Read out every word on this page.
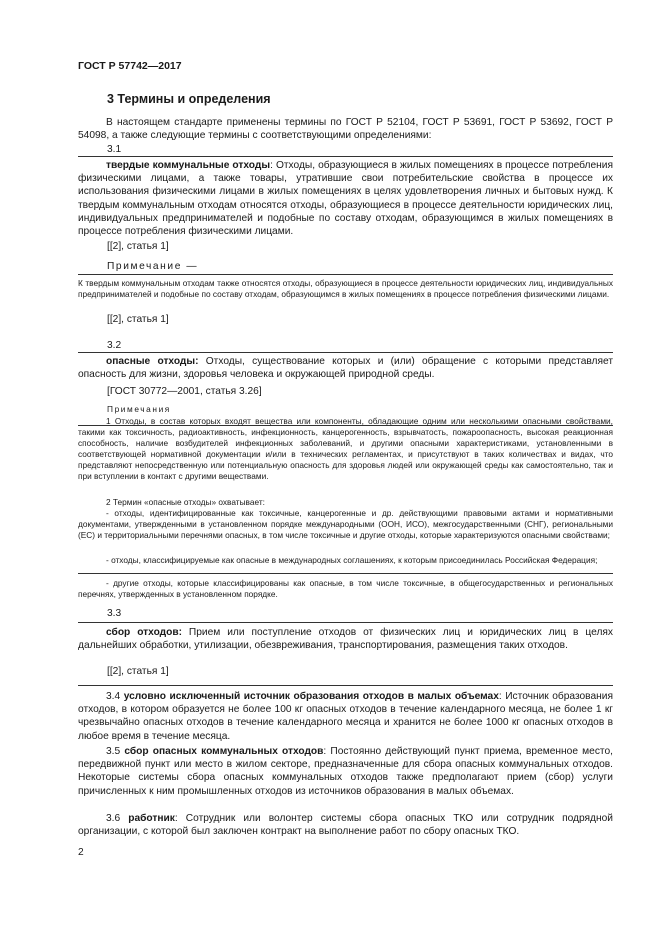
ГОСТ Р 57742—2017
3 Термины и определения
В настоящем стандарте применены термины по ГОСТ Р 52104, ГОСТ Р 53691, ГОСТ Р 53692, ГОСТ Р 54098, а также следующие термины с соответствующими определениями:
3.1
твердые коммунальные отходы: Отходы, образующиеся в жилых помещениях в процессе потребления физическими лицами, а также товары, утратившие свои потребительские свойства в процессе их использования физическими лицами в жилых помещениях в целях удовлетворения личных и бытовых нужд. К твердым коммунальным отходам относятся отходы, образующиеся в процессе деятельности юридических лиц, индивидуальных предпринимателей и подобные по составу отходам, образующимся в жилых помещениях в процессе потребления физическими лицами.
[[2], статья 1]
Примечание —
К твердым коммунальным отходам также относятся отходы, образующиеся в процессе деятельности юридических лиц, индивидуальных предпринимателей и подобные по составу отходам, образующимся в жилых помещениях в процессе потребления физическими лицами.
[[2], статья 1]
3.2
опасные отходы: Отходы, существование которых и (или) обращение с которыми представляет опасность для жизни, здоровья человека и окружающей природной среды.
[ГОСТ 30772—2001, статья 3.26]
Примечания
1 Отходы, в состав которых входят вещества или компоненты, обладающие одним или несколькими опасными свойствами, такими как токсичность, радиоактивность, инфекционность, канцерогенность, взрывчатость, пожароопасность, высокая реакционная способность, наличие возбудителей инфекционных заболеваний, и другими опасными характеристиками, установленными в соответствующей нормативной документации и/или в технических регламентах, и присутствуют в таких количествах и видах, что представляют непосредственную или потенциальную опасность для здоровья людей или окружающей среды как самостоятельно, так и при вступлении в контакт с другими веществами.
2 Термин «опасные отходы» охватывает:
- отходы, идентифицированные как токсичные, канцерогенные и др. действующими правовыми актами и нормативными документами, утвержденными в установленном порядке международными (ООН, ИСО), межгосударственными (СНГ), региональными (ЕС) и территориальными перечнями опасных, в том числе токсичные и другие отходы, которые характеризуются опасными свойствами;
- отходы, классифицируемые как опасные в международных соглашениях, к которым присоединилась Российская Федерация;
- другие отходы, которые классифицированы как опасные, в том числе токсичные, в общегосударственных и региональных перечнях, утвержденных в установленном порядке.
3.3
сбор отходов: Прием или поступление отходов от физических лиц и юридических лиц в целях дальнейших обработки, утилизации, обезвреживания, транспортирования, размещения таких отходов.
[[2], статья 1]
3.4 условно исключенный источник образования отходов в малых объемах: Источник образования отходов, в котором образуется не более 100 кг опасных отходов в течение календарного месяца, не более 1 кг чрезвычайно опасных отходов в течение календарного месяца и хранится не более 1000 кг опасных отходов в любое время в течение месяца.
3.5 сбор опасных коммунальных отходов: Постоянно действующий пункт приема, временное место, передвижной пункт или место в жилом секторе, предназначенные для сбора опасных коммунальных отходов. Некоторые системы сбора опасных коммунальных отходов также предполагают прием (сбор) услуги причисленных к ним промышленных отходов из источников образования в малых объемах.
3.6 работник: Сотрудник или волонтер системы сбора опасных ТКО или сотрудник подрядной организации, с которой был заключен контракт на выполнение работ по сбору опасных ТКО.
2
